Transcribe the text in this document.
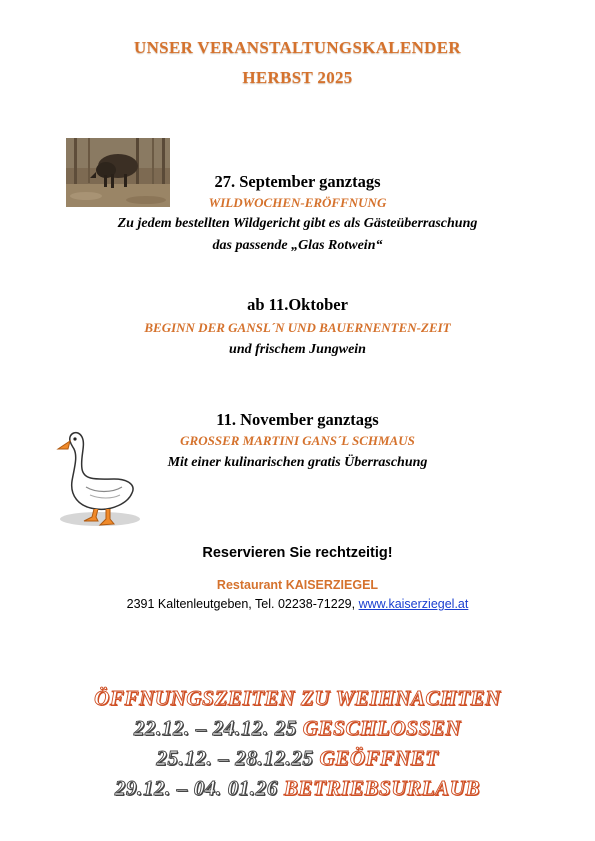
UNSER VERANSTALTUNGSKALENDER
HERBST 2025
27. September ganztags
WILDWOCHEN-ERÖFFNUNG
Zu jedem bestellten Wildgericht gibt es als Gästeüberraschung
das passende „Glas Rotwein“
ab 11.Oktober
BEGINN DER GANSL´N UND BAUERNENTEN-ZEIT
und frischem Jungwein
11. November ganztags
GROSSER MARTINI GANS´L SCHMAUS
Mit einer kulinarischen gratis Überraschung
Reservieren Sie rechtzeitig!
Restaurant KAISERZIEGEL
2391 Kaltenleutgeben, Tel. 02238-71229, www.kaiserziegel.at
ÖFFNUNGSZEITEN ZU WEIHNACHTEN
22.12. – 24.12. 25 GESCHLOSSEN
25.12. – 28.12.25 GEÖFFNET
29.12. – 04. 01.26 BETRIEBSURLAUB
